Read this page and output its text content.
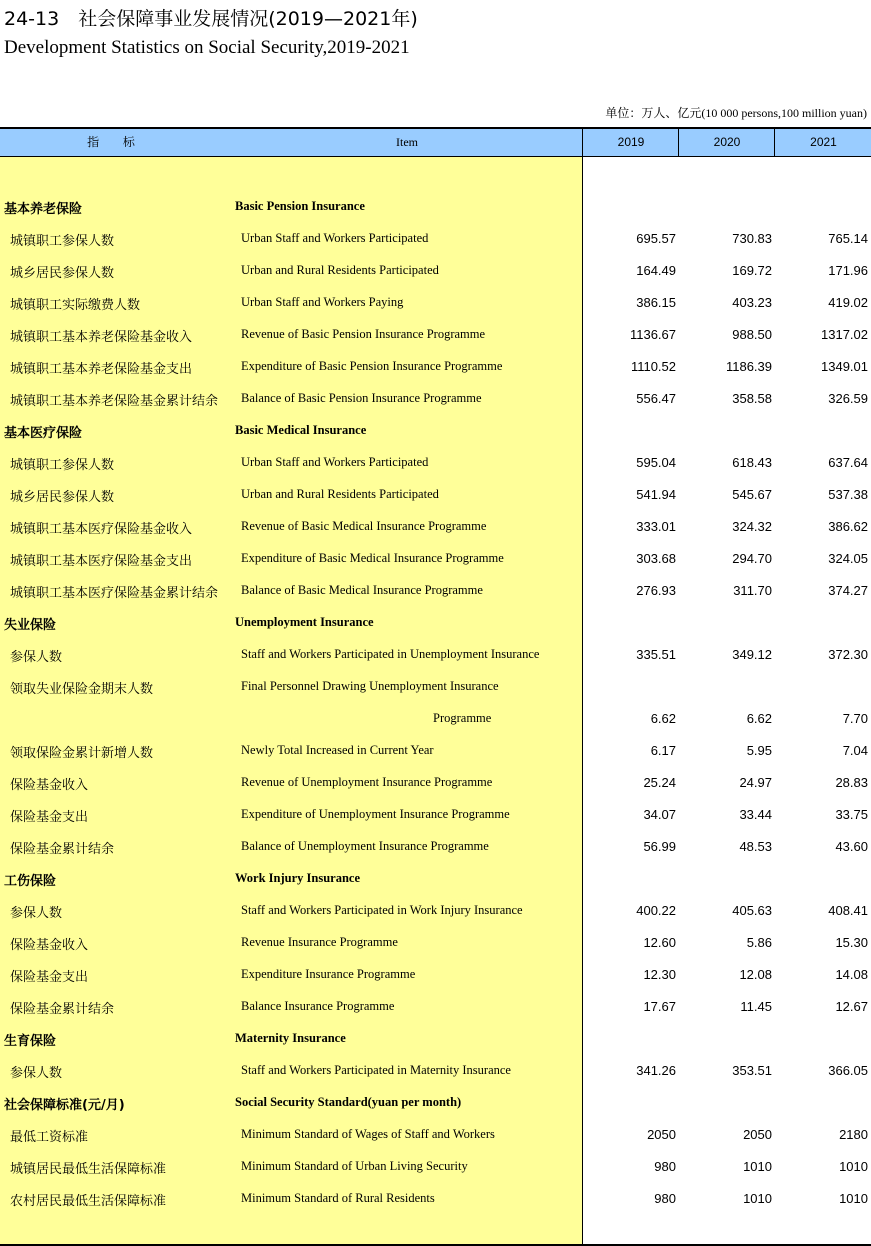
24-13　社会保障事业发展情况(2019—2021年)
Development Statistics on Social Security,2019-2021
单位：万人、亿元(10 000 persons,100 million yuan)
指 标	Item	2019	2020	2021
基本养老保险	Basic Pension Insurance
城镇职工参保人数	Urban Staff and Workers Participated	695.57	730.83	765.14
城乡居民参保人数	Urban and Rural Residents Participated	164.49	169.72	171.96
城镇职工实际缴费人数	Urban Staff and Workers Paying	386.15	403.23	419.02
城镇职工基本养老保险基金收入	Revenue of Basic Pension Insurance Programme	1136.67	988.50	1317.02
城镇职工基本养老保险基金支出	Expenditure of Basic Pension Insurance Programme	1110.52	1186.39	1349.01
城镇职工基本养老保险基金累计结余 Balance of Basic Pension Insurance Programme	556.47	358.58	326.59
基本医疗保险	Basic Medical Insurance
城镇职工参保人数	Urban Staff and Workers Participated	595.04	618.43	637.64
城乡居民参保人数	Urban and Rural Residents Participated	541.94	545.67	537.38
城镇职工基本医疗保险基金收入	Revenue of Basic Medical Insurance Programme	333.01	324.32	386.62
城镇职工基本医疗保险基金支出	Expenditure of Basic Medical Insurance Programme	303.68	294.70	324.05
城镇职工基本医疗保险基金累计结余 Balance of Basic Medical Insurance Programme	276.93	311.70	374.27
失业保险	Unemployment Insurance
参保人数	Staff and Workers Participated in Unemployment Insurance	335.51	349.12	372.30
领取失业保险金期末人数	Final Personnel Drawing Unemployment Insurance
Programme	6.62	6.62	7.70
领取保险金累计新增人数	Newly Total Increased in Current Year	6.17	5.95	7.04
保险基金收入	Revenue of Unemployment Insurance Programme	25.24	24.97	28.83
保险基金支出	Expenditure of Unemployment Insurance Programme	34.07	33.44	33.75
保险基金累计结余	Balance of Unemployment Insurance Programme	56.99	48.53	43.60
工伤保险	Work Injury Insurance
参保人数	Staff and Workers Participated in Work Injury Insurance	400.22	405.63	408.41
保险基金收入	Revenue Insurance Programme	12.60	5.86	15.30
保险基金支出	Expenditure Insurance Programme	12.30	12.08	14.08
保险基金累计结余	Balance Insurance Programme	17.67	11.45	12.67
生育保险	Maternity Insurance
参保人数	Staff and Workers Participated in Maternity Insurance	341.26	353.51	366.05
社会保障标准(元/月)	Social Security Standard(yuan per month)
最低工资标准	Minimum Standard of Wages of Staff and Workers	2050	2050	2180
城镇居民最低生活保障标准	Minimum Standard of Urban Living Security	980	1010	1010
农村居民最低生活保障标准	Minimum Standard of Rural Residents	980	1010	1010
